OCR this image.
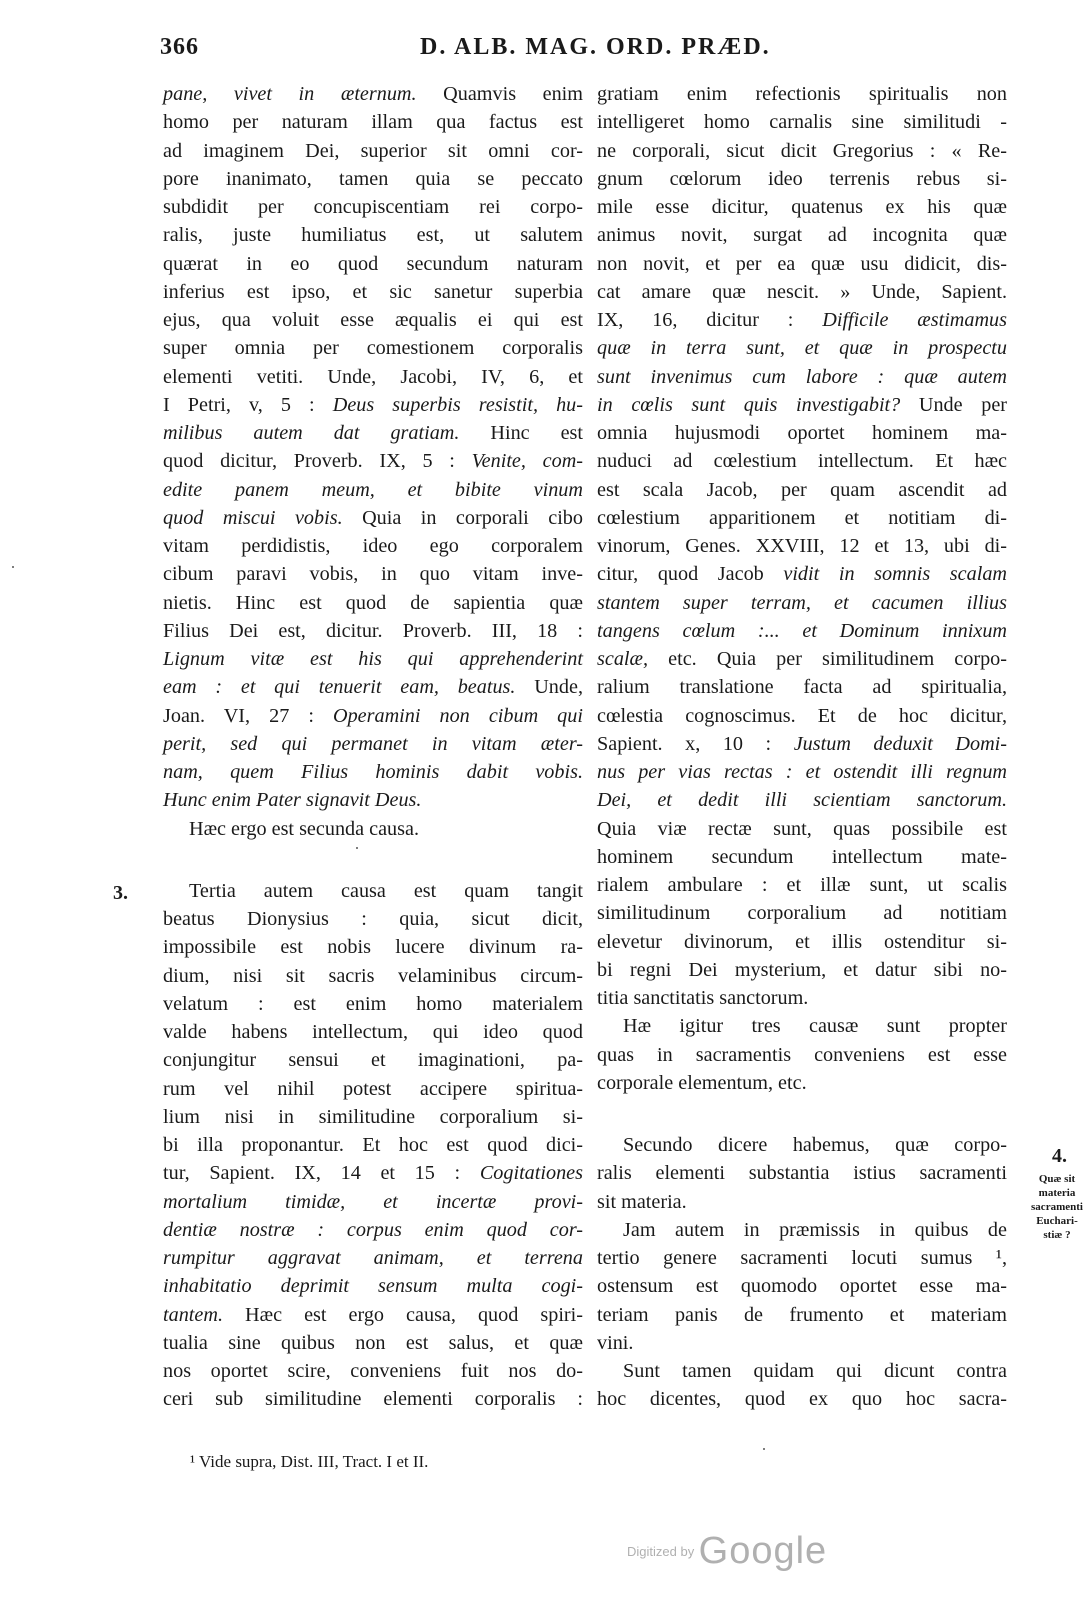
366	D. ALB. MAG. ORD. PRÆD.
pane, vivet in æternum. Quamvis enim
homo per naturam illam qua factus est
ad imaginem Dei, superior sit omni cor-
pore inanimato, tamen quia se peccato
subdidit per concupiscentiam rei corpo-
ralis, juste humiliatus est, ut salutem
quærat in eo quod secundum naturam
inferius est ipso, et sic sanetur superbia
ejus, qua voluit esse æqualis ei qui est
super omnia per comestionem corporalis
elementi vetiti. Unde, Jacobi, IV, 6, et
I Petri, v, 5 : Deus superbis resistit, hu-
milibus autem dat gratiam. Hinc est
quod dicitur, Proverb. IX, 5 : Venite, com-
edite panem meum, et bibite vinum
quod miscui vobis. Quia in corporali cibo
vitam perdidistis, ideo ego corporalem
cibum paravi vobis, in quo vitam inve-
nietis. Hinc est quod de sapientia quæ
Filius Dei est, dicitur. Proverb. III, 18 :
Lignum vitæ est his qui apprehenderint
eam : et qui tenuerit eam, beatus. Unde,
Joan. VI, 27 : Operamini non cibum qui
perit, sed qui permanet in vitam æter-
nam, quem Filius hominis dabit vobis.
Hunc enim Pater signavit Deus.
Hæc ergo est secunda causa.
Tertia autem causa est quam tangit
beatus Dionysius : quia, sicut dicit,
impossibile est nobis lucere divinum ra-
dium, nisi sit sacris velaminibus circum-
velatum : est enim homo materialem
valde habens intellectum, qui ideo quod
conjungitur sensui et imaginationi, pa-
rum vel nihil potest accipere spiritua-
lium nisi in similitudine corporalium si-
bi illa proponantur. Et hoc est quod dici-
tur, Sapient. IX, 14 et 15 : Cogitationes
mortalium timidæ, et incertæ provi-
dentiæ nostræ : corpus enim quod cor-
rumpitur aggravat animam, et terrena
inhabitatio deprimit sensum multa cogi-
tantem. Hæc est ergo causa, quod spiri-
tualia sine quibus non est salus, et quæ
nos oportet scire, conveniens fuit nos do-
ceri sub similitudine elementi corporalis :
gratiam enim refectionis spiritualis non
intelligeret homo carnalis sine similitudi -
ne corporali, sicut dicit Gregorius : « Re-
gnum cœlorum ideo terrenis rebus si-
mile esse dicitur, quatenus ex his quæ
animus novit, surgat ad incognita quæ
non novit, et per ea quæ usu didicit, dis-
cat amare quæ nescit. » Unde, Sapient.
IX, 16, dicitur : Difficile æstimamus
quæ in terra sunt, et quæ in prospectu
sunt invenimus cum labore : quæ autem
in cœlis sunt quis investigabit? Unde per
omnia hujusmodi oportet hominem ma-
nuduci ad cœlestium intellectum. Et hæc
est scala Jacob, per quam ascendit ad
cœlestium apparitionem et notitiam di-
vinorum, Genes. XXVIII, 12 et 13, ubi di-
citur, quod Jacob vidit in somnis scalam
stantem super terram, et cacumen illius
tangens cœlum :... et Dominum innixum
scalæ, etc. Quia per similitudinem corpo-
ralium translatione facta ad spiritualia,
cœlestia cognoscimus. Et de hoc dicitur,
Sapient. x, 10 : Justum deduxit Domi-
nus per vias rectas : et ostendit illi regnum
Dei, et dedit illi scientiam sanctorum.
Quia viæ rectæ sunt, quas possibile est
hominem secundum intellectum mate-
rialem ambulare : et illæ sunt, ut scalis
similitudinum corporalium ad notitiam
elevetur divinorum, et illis ostenditur si-
bi regni Dei mysterium, et datur sibi no-
titia sanctitatis sanctorum.
Hæ igitur tres causæ sunt propter
quas in sacramentis conveniens est esse
corporale elementum, etc.
Secundo dicere habemus, quæ corpo-
ralis elementi substantia istius sacramenti
sit materia.
Jam autem in præmissis in quibus de
tertio genere sacramenti locuti sumus ¹,
ostensum est quomodo oportet esse ma-
teriam panis de frumento et materiam
vini.
Sunt tamen quidam qui dicunt contra
hoc dicentes, quod ex quo hoc sacra-
3.
4.
Quæ sit
materia
sacramenti
Euchari-
stiæ ?
¹ Vide supra, Dist. III, Tract. I et II.
Digitized by Google
